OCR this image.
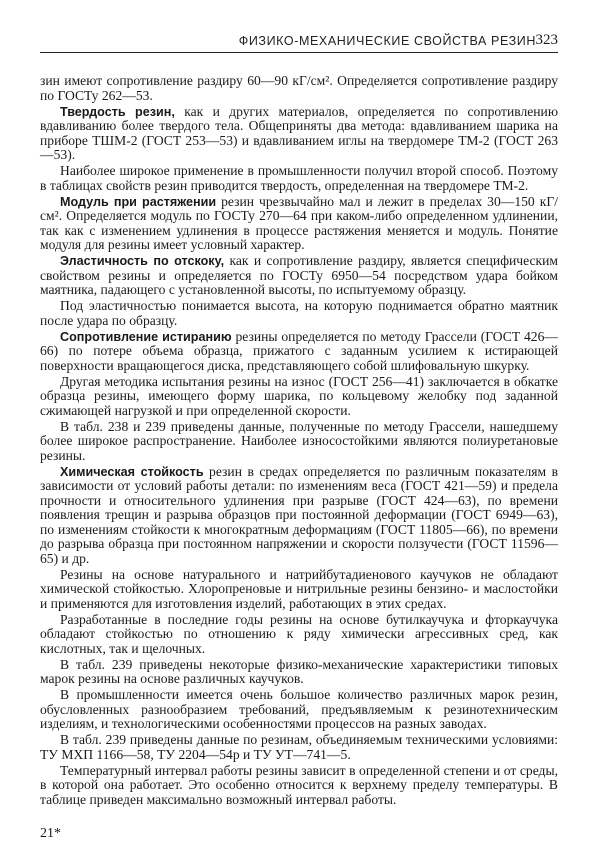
ФИЗИКО-МЕХАНИЧЕСКИЕ СВОЙСТВА РЕЗИН 323

зин имеют сопротивление раздиру 60—90 кГ/см². Определяется сопротивление раздиру по ГОСТу 262—53.

Твердость резин, как и других материалов, определяется по сопротивлению вдавливанию более твердого тела. Общеприняты два метода: вдавливанием шарика на приборе ТШМ-2 (ГОСТ 253—53) и вдавливанием иглы на твердомере ТМ-2 (ГОСТ 263—53).

Наиболее широкое применение в промышленности получил второй способ. Поэтому в таблицах свойств резин приводится твердость, определенная на твердомере ТМ-2.

Модуль при растяжении резин чрезвычайно мал и лежит в пределах 30—150 кГ/см². Определяется модуль по ГОСТу 270—64 при каком-либо определенном удлинении, так как с изменением удлинения в процессе растяжения меняется и модуль. Понятие модуля для резины имеет условный характер.

Эластичность по отскоку, как и сопротивление раздиру, является специфическим свойством резины и определяется по ГОСТу 6950—54 посредством удара бойком маятника, падающего с установленной высоты, по испытуемому образцу.

Под эластичностью понимается высота, на которую поднимается обратно маятник после удара по образцу.

Сопротивление истиранию резины определяется по методу Грассели (ГОСТ 426—66) по потере объема образца, прижатого с заданным усилием к истирающей поверхности вращающегося диска, представляющего собой шлифовальную шкурку.

Другая методика испытания резины на износ (ГОСТ 256—41) заключается в обкатке образца резины, имеющего форму шарика, по кольцевому желобку под заданной сжимающей нагрузкой и при определенной скорости.

В табл. 238 и 239 приведены данные, полученные по методу Грассели, нашедшему более широкое распространение. Наиболее износостойкими являются полиуретановые резины.

Химическая стойкость резин в средах определяется по различным показателям в зависимости от условий работы детали: по изменениям веса (ГОСТ 421—59) и предела прочности и относительного удлинения при разрыве (ГОСТ 424—63), по времени появления трещин и разрыва образцов при постоянной деформации (ГОСТ 6949—63), по изменениям стойкости к многократным деформациям (ГОСТ 11805—66), по времени до разрыва образца при постоянном напряжении и скорости ползучести (ГОСТ 11596—65) и др.

Резины на основе натурального и натрийбутадиенового каучуков не обладают химической стойкостью. Хлоропреновые и нитрильные резины бензино- и маслостойки и применяются для изготовления изделий, работающих в этих средах.

Разработанные в последние годы резины на основе бутилкаучука и фторкаучука обладают стойкостью по отношению к ряду химически агрессивных сред, как кислотных, так и щелочных.

В табл. 239 приведены некоторые физико-механические характеристики типовых марок резины на основе различных каучуков.

В промышленности имеется очень большое количество различных марок резин, обусловленных разнообразием требований, предъявляемым к резинотехническим изделиям, и технологическими особенностями процессов на разных заводах.

В табл. 239 приведены данные по резинам, объединяемым техническими условиями: ТУ МХП 1166—58, ТУ 2204—54р и ТУ УТ—741—5.

Температурный интервал работы резины зависит в определенной степени и от среды, в которой она работает. Это особенно относится к верхнему пределу температуры. В таблице приведен максимально возможный интервал работы.

21*
